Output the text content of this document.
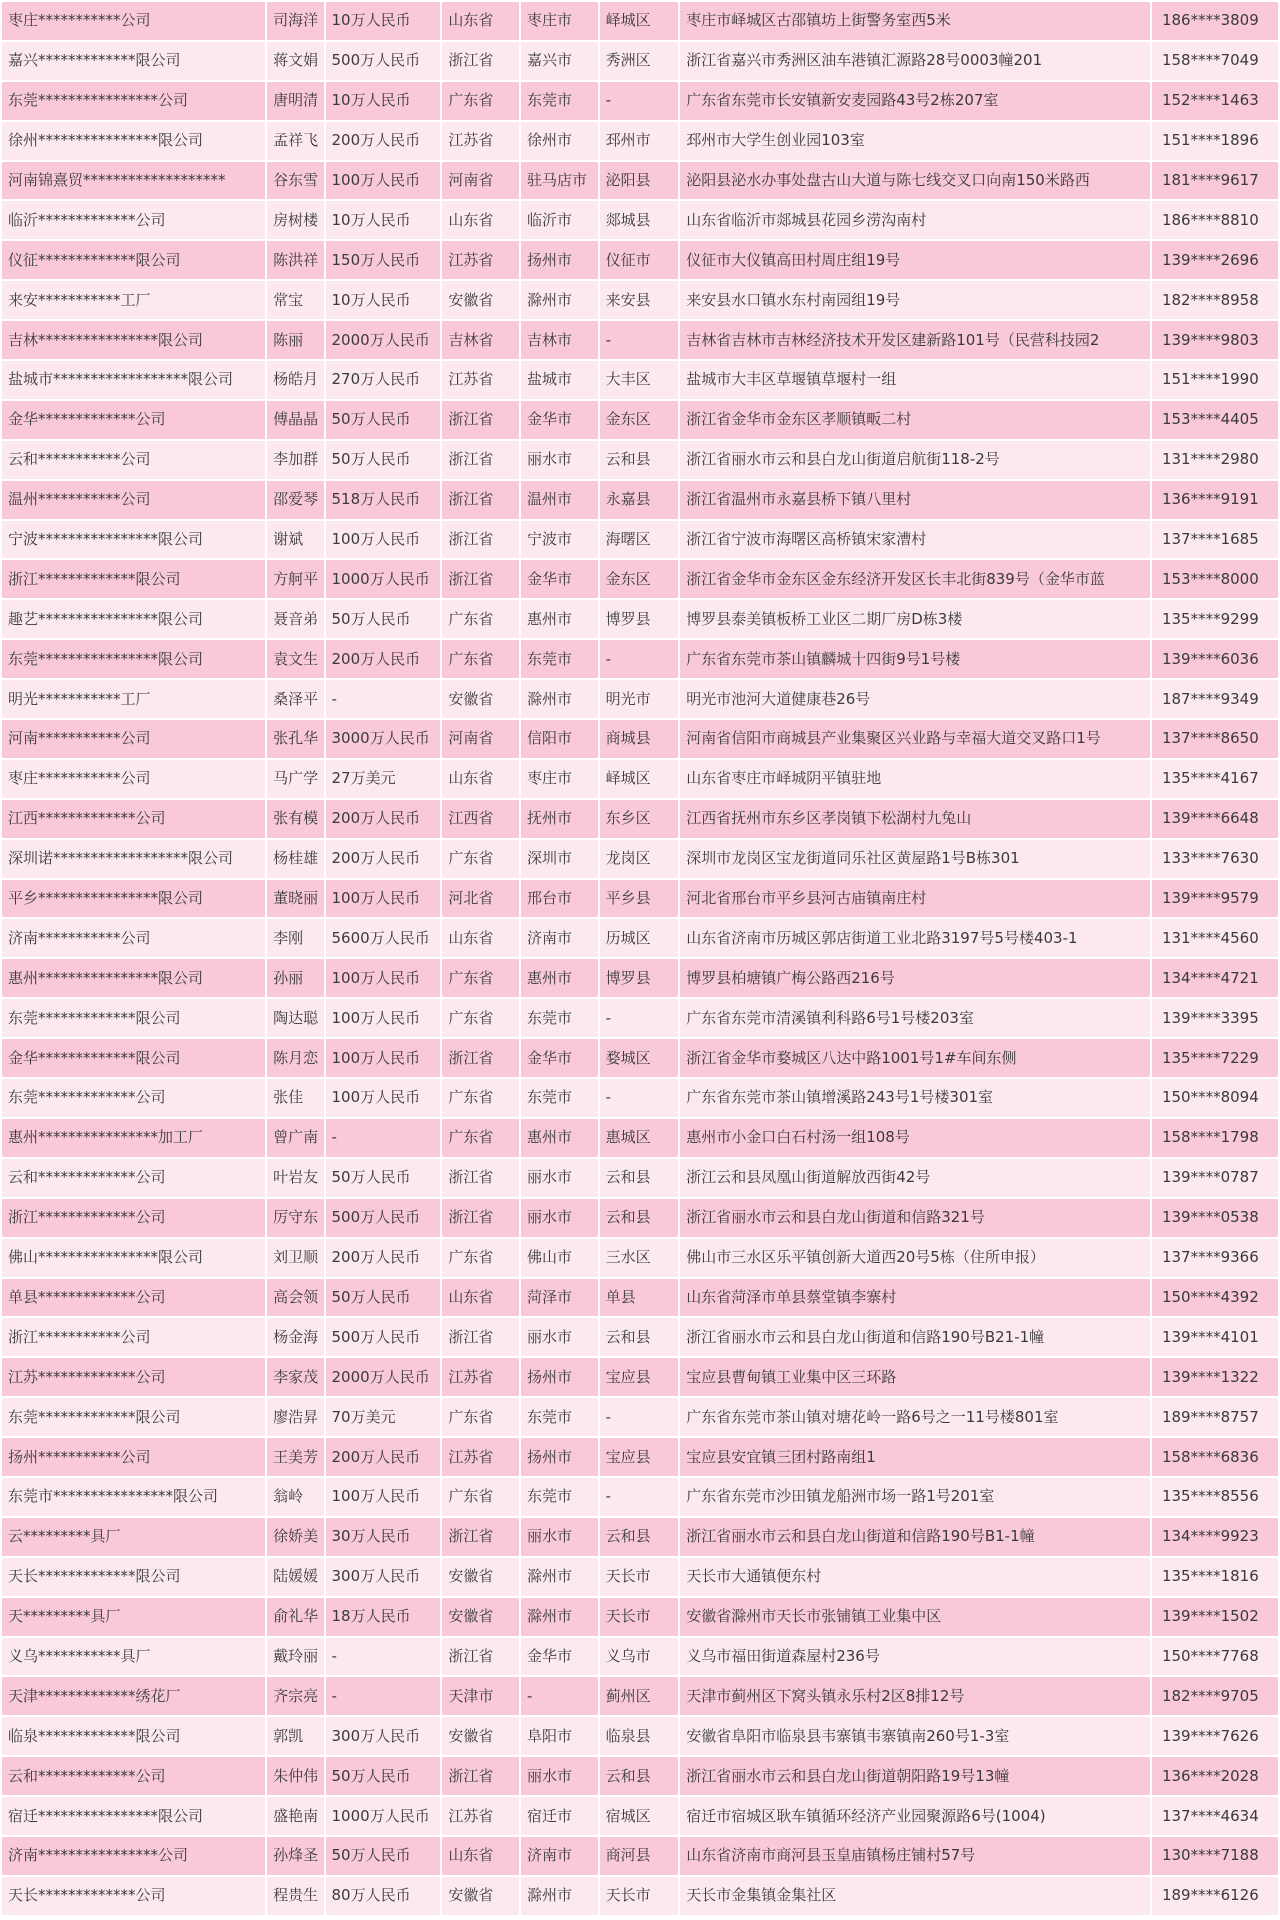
枣庄***********公司	司海洋	10万人民币	山东省	枣庄市	峄城区	枣庄市峄城区古邵镇坊上街警务室西5米	186****3809
嘉兴*************限公司	蒋文娟	500万人民币	浙江省	嘉兴市	秀洲区	浙江省嘉兴市秀洲区油车港镇汇源路28号0003幢201	158****7049
东莞****************公司	唐明清	10万人民币	广东省	东莞市	-	广东省东莞市长安镇新安麦园路43号2栋207室	152****1463
徐州****************限公司	孟祥飞	200万人民币	江苏省	徐州市	邳州市	邳州市大学生创业园103室	151****1896
河南锦熹贸*******************	谷东雪	100万人民币	河南省	驻马店市	泌阳县	泌阳县泌水办事处盘古山大道与陈七线交叉口向南150米路西	181****9617
临沂*************公司	房树楼	10万人民币	山东省	临沂市	郯城县	山东省临沂市郯城县花园乡涝沟南村	186****8810
仪征*************限公司	陈洪祥	150万人民币	江苏省	扬州市	仪征市	仪征市大仪镇高田村周庄组19号	139****2696
来安***********工厂	常宝	10万人民币	安徽省	滁州市	来安县	来安县水口镇水东村南园组19号	182****8958
吉林****************限公司	陈丽	2000万人民币	吉林省	吉林市	-	吉林省吉林市吉林经济技术开发区建新路101号（民营科技园2	139****9803
盐城市******************限公司	杨皓月	270万人民币	江苏省	盐城市	大丰区	盐城市大丰区草堰镇草堰村一组	151****1990
金华*************公司	傅晶晶	50万人民币	浙江省	金华市	金东区	浙江省金华市金东区孝顺镇畈二村	153****4405
云和***********公司	李加群	50万人民币	浙江省	丽水市	云和县	浙江省丽水市云和县白龙山街道启航街118-2号	131****2980
温州***********公司	邵爱琴	518万人民币	浙江省	温州市	永嘉县	浙江省温州市永嘉县桥下镇八里村	136****9191
宁波****************限公司	谢斌	100万人民币	浙江省	宁波市	海曙区	浙江省宁波市海曙区高桥镇宋家漕村	137****1685
浙江*************限公司	方舸平	1000万人民币	浙江省	金华市	金东区	浙江省金华市金东区金东经济开发区长丰北街839号（金华市蓝	153****8000
趣艺****************限公司	聂音弟	50万人民币	广东省	惠州市	博罗县	博罗县泰美镇板桥工业区二期厂房D栋3楼	135****9299
东莞****************限公司	袁文生	200万人民币	广东省	东莞市	-	广东省东莞市茶山镇麟城十四街9号1号楼	139****6036
明光***********工厂	桑泽平	-	安徽省	滁州市	明光市	明光市池河大道健康巷26号	187****9349
河南***********公司	张孔华	3000万人民币	河南省	信阳市	商城县	河南省信阳市商城县产业集聚区兴业路与幸福大道交叉路口1号	137****8650
枣庄***********公司	马广学	27万美元	山东省	枣庄市	峄城区	山东省枣庄市峄城阴平镇驻地	135****4167
江西*************公司	张有模	200万人民币	江西省	抚州市	东乡区	江西省抚州市东乡区孝岗镇下松湖村九兔山	139****6648
深圳诺******************限公司	杨桂雄	200万人民币	广东省	深圳市	龙岗区	深圳市龙岗区宝龙街道同乐社区黄屋路1号B栋301	133****7630
平乡****************限公司	董晓丽	100万人民币	河北省	邢台市	平乡县	河北省邢台市平乡县河古庙镇南庄村	139****9579
济南***********公司	李刚	5600万人民币	山东省	济南市	历城区	山东省济南市历城区郭店街道工业北路3197号5号楼403-1	131****4560
惠州****************限公司	孙丽	100万人民币	广东省	惠州市	博罗县	博罗县柏塘镇广梅公路西216号	134****4721
东莞*************限公司	陶达聪	100万人民币	广东省	东莞市	-	广东省东莞市清溪镇利科路6号1号楼203室	139****3395
金华*************限公司	陈月恋	100万人民币	浙江省	金华市	婺城区	浙江省金华市婺城区八达中路1001号1#车间东侧	135****7229
东莞*************公司	张佳	100万人民币	广东省	东莞市	-	广东省东莞市茶山镇增溪路243号1号楼301室	150****8094
惠州****************加工厂	曾广南	-	广东省	惠州市	惠城区	惠州市小金口白石村汤一组108号	158****1798
云和*************公司	叶岩友	50万人民币	浙江省	丽水市	云和县	浙江云和县凤凰山街道解放西街42号	139****0787
浙江*************公司	厉守东	500万人民币	浙江省	丽水市	云和县	浙江省丽水市云和县白龙山街道和信路321号	139****0538
佛山****************限公司	刘卫顺	200万人民币	广东省	佛山市	三水区	佛山市三水区乐平镇创新大道西20号5栋（住所申报）	137****9366
单县*************公司	高会领	50万人民币	山东省	菏泽市	单县	山东省菏泽市单县蔡堂镇李寨村	150****4392
浙江***********公司	杨金海	500万人民币	浙江省	丽水市	云和县	浙江省丽水市云和县白龙山街道和信路190号B21-1幢	139****4101
江苏*************公司	李家茂	2000万人民币	江苏省	扬州市	宝应县	宝应县曹甸镇工业集中区三环路	139****1322
东莞*************限公司	廖浩昇	70万美元	广东省	东莞市	-	广东省东莞市茶山镇对塘花岭一路6号之一11号楼801室	189****8757
扬州***********公司	王美芳	200万人民币	江苏省	扬州市	宝应县	宝应县安宜镇三团村路南组1	158****6836
东莞市****************限公司	翁岭	100万人民币	广东省	东莞市	-	广东省东莞市沙田镇龙船洲市场一路1号201室	135****8556
云*********具厂	徐娇美	30万人民币	浙江省	丽水市	云和县	浙江省丽水市云和县白龙山街道和信路190号B1-1幢	134****9923
天长*************限公司	陆媛媛	300万人民币	安徽省	滁州市	天长市	天长市大通镇便东村	135****1816
天*********具厂	俞礼华	18万人民币	安徽省	滁州市	天长市	安徽省滁州市天长市张铺镇工业集中区	139****1502
义乌***********具厂	戴玲丽	-	浙江省	金华市	义乌市	义乌市福田街道森屋村236号	150****7768
天津*************绣花厂	齐宗亮	-	天津市	-	蓟州区	天津市蓟州区下窝头镇永乐村2区8排12号	182****9705
临泉*************限公司	郭凯	300万人民币	安徽省	阜阳市	临泉县	安徽省阜阳市临泉县韦寨镇韦寨镇南260号1-3室	139****7626
云和*************公司	朱仲伟	50万人民币	浙江省	丽水市	云和县	浙江省丽水市云和县白龙山街道朝阳路19号13幢	136****2028
宿迁****************限公司	盛艳南	1000万人民币	江苏省	宿迁市	宿城区	宿迁市宿城区耿车镇循环经济产业园聚源路6号(1004)	137****4634
济南****************公司	孙烽圣	50万人民币	山东省	济南市	商河县	山东省济南市商河县玉皇庙镇杨庄铺村57号	130****7188
天长*************公司	程贵生	80万人民币	安徽省	滁州市	天长市	天长市金集镇金集社区	189****6126
